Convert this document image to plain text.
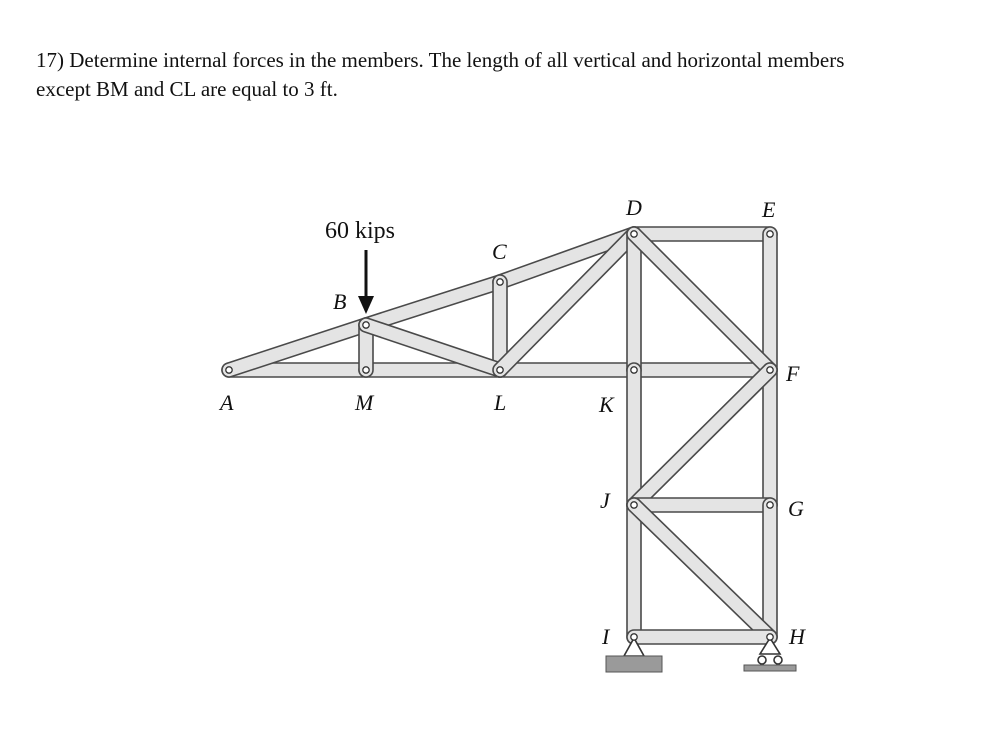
17) Determine internal forces in the members. The length of all vertical and horizontal members
except BM and CL are equal to 3 ft.
60 kips
A
B
C
D	E
F
G
H
I
J
K
L
M
